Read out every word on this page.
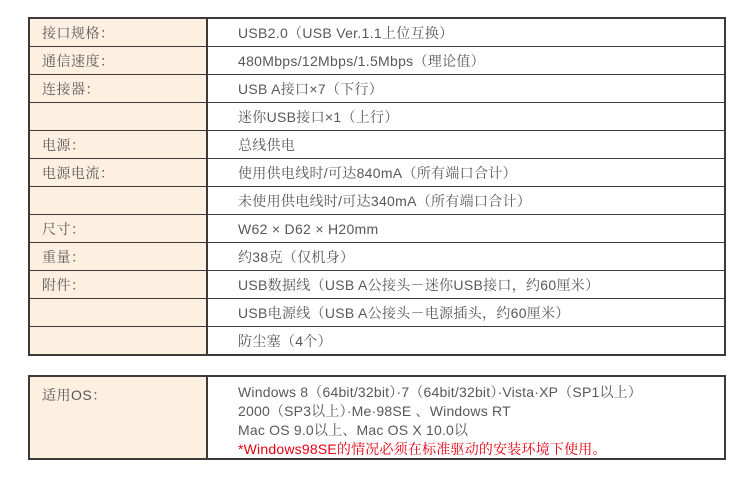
接口规格：	USB2.0（USB Ver.1.1上位互换）
通信速度：	480Mbps/12Mbps/1.5Mbps（理论值）
连接器：	USB A接口×7（下行）
迷你USB接口×1（上行）
电源：	总线供电
电源电流：	使用供电线时/可达840mA（所有端口合计）
未使用供电线时/可达340mA（所有端口合计）
尺寸：	W62 × D62 × H20mm
重量：	约38克（仅机身）
附件：	USB数据线（USB A公接头－迷你USB接口，约60厘米）
USB电源线（USB A公接头－电源插头，约60厘米）
防尘塞（4个）
适用OS：	Windows 8（64bit/32bit）·7（64bit/32bit）·Vista·XP（SP1以上）
2000（SP3以上）·Me·98SE 、Windows RT
Mac OS 9.0以上、Mac OS X 10.0以
*Windows98SE的情况必须在标准驱动的安装环境下使用。
